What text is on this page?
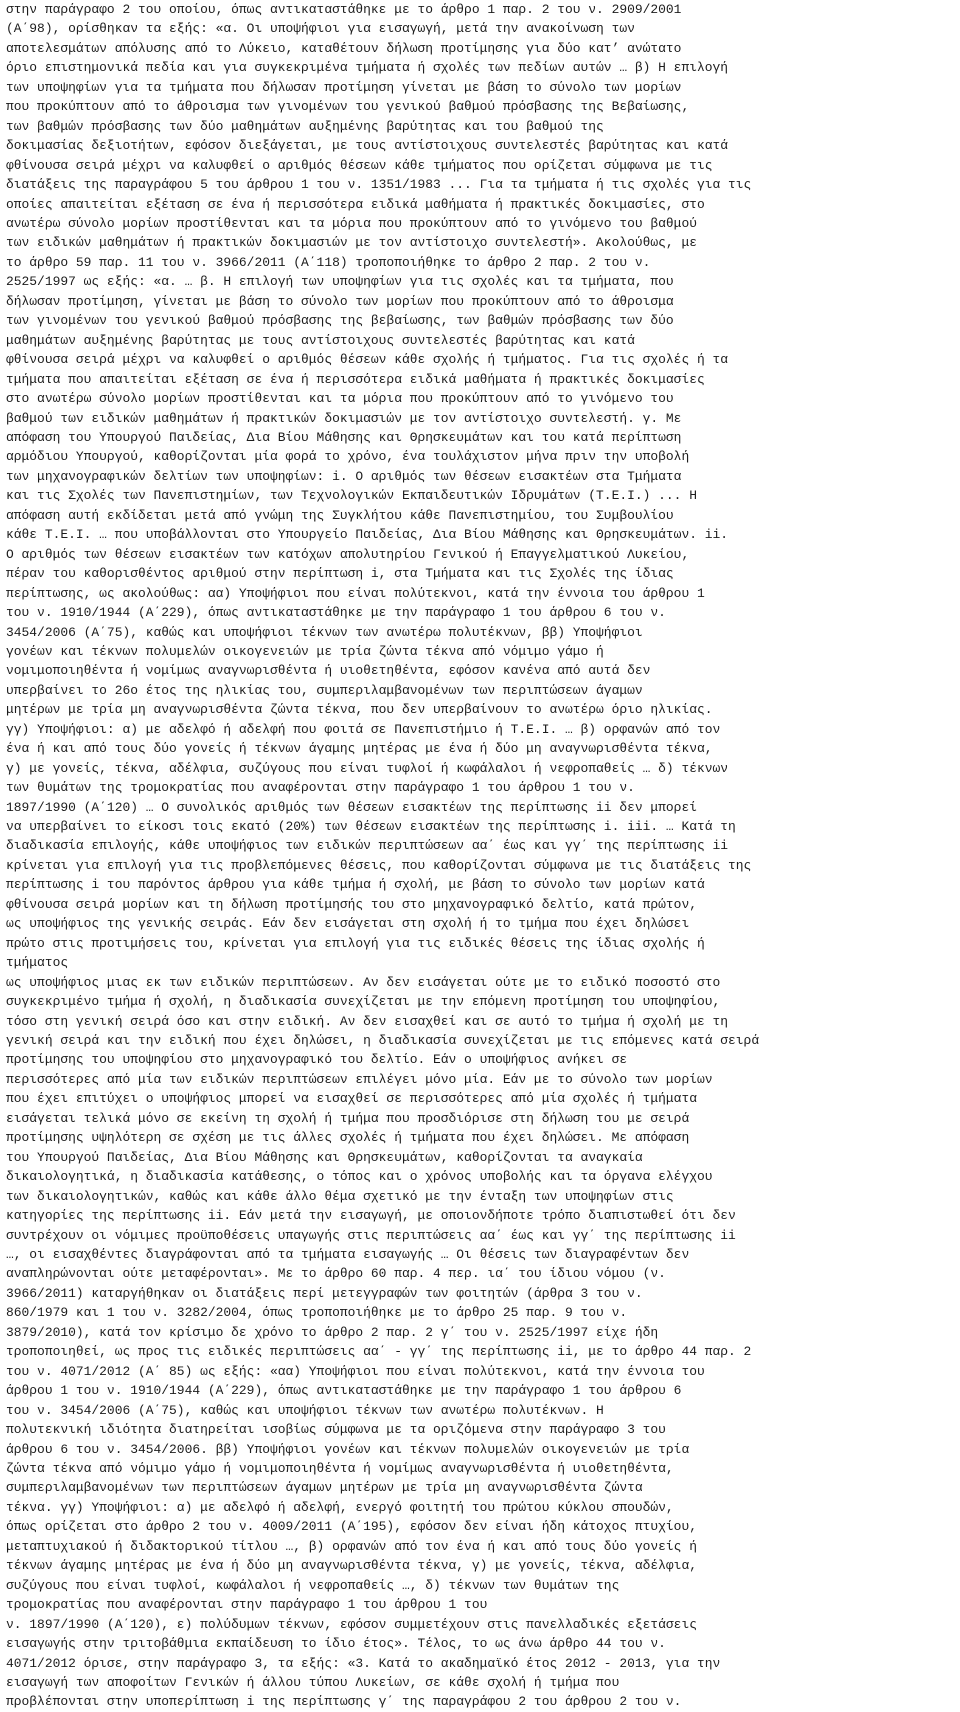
στην παράγραφο 2 του οποίου, όπως αντικαταστάθηκε με το άρθρο 1 παρ. 2 του ν. 2909/2001
(Α΄98), ορίσθηκαν τα εξής: «α. Οι υποψήφιοι για εισαγωγή, μετά την ανακοίνωση των
αποτελεσμάτων απόλυσης από το Λύκειο, καταθέτουν δήλωση προτίμησης για δύο κατ’ ανώτατο
όριο επιστημονικά πεδία και για συγκεκριμένα τμήματα ή σχολές των πεδίων αυτών … β) Η επιλογή
των υποψηφίων για τα τμήματα που δήλωσαν προτίμηση γίνεται με βάση το σύνολο των μορίων
που προκύπτουν από το άθροισμα των γινομένων του γενικού βαθμού πρόσβασης της Βεβαίωσης,
των βαθμών πρόσβασης των δύο μαθημάτων αυξημένης βαρύτητας και του βαθμού της
δοκιμασίας δεξιοτήτων, εφόσον διεξάγεται, με τους αντίστοιχους συντελεστές βαρύτητας και κατά
φθίνουσα σειρά μέχρι να καλυφθεί ο αριθμός θέσεων κάθε τμήματος που ορίζεται σύμφωνα με τις
διατάξεις της παραγράφου 5 του άρθρου 1 του ν. 1351/1983 ... Για τα τμήματα ή τις σχολές για τις
οποίες απαιτείται εξέταση σε ένα ή περισσότερα ειδικά μαθήματα ή πρακτικές δοκιμασίες, στο
ανωτέρω σύνολο μορίων προστίθενται και τα μόρια που προκύπτουν από το γινόμενο του βαθμού
των ειδικών μαθημάτων ή πρακτικών δοκιμασιών με τον αντίστοιχο συντελεστή». Ακολούθως, με
το άρθρο 59 παρ. 11 του ν. 3966/2011 (Α΄118) τροποποιήθηκε το άρθρο 2 παρ. 2 του ν.
2525/1997 ως εξής: «α. … β. Η επιλογή των υποψηφίων για τις σχολές και τα τμήματα, που
δήλωσαν προτίμηση, γίνεται με βάση το σύνολο των μορίων που προκύπτουν από το άθροισμα
των γινομένων του γενικού βαθμού πρόσβασης της βεβαίωσης, των βαθμών πρόσβασης των δύο
μαθημάτων αυξημένης βαρύτητας με τους αντίστοιχους συντελεστές βαρύτητας και κατά
φθίνουσα σειρά μέχρι να καλυφθεί ο αριθμός θέσεων κάθε σχολής ή τμήματος. Για τις σχολές ή τα
τμήματα που απαιτείται εξέταση σε ένα ή περισσότερα ειδικά μαθήματα ή πρακτικές δοκιμασίες
στο ανωτέρω σύνολο μορίων προστίθενται και τα μόρια που προκύπτουν από το γινόμενο του
βαθμού των ειδικών μαθημάτων ή πρακτικών δοκιμασιών με τον αντίστοιχο συντελεστή. γ. Με
απόφαση του Υπουργού Παιδείας, Δια Βίου Μάθησης και Θρησκευμάτων και του κατά περίπτωση
αρμόδιου Υπουργού, καθορίζονται μία φορά το χρόνο, ένα τουλάχιστον μήνα πριν την υποβολή
των μηχανογραφικών δελτίων των υποψηφίων: i. Ο αριθμός των θέσεων εισακτέων στα Τμήματα
και τις Σχολές των Πανεπιστημίων, των Τεχνολογικών Εκπαιδευτικών Ιδρυμάτων (Τ.Ε.Ι.) ... Η
απόφαση αυτή εκδίδεται μετά από γνώμη της Συγκλήτου κάθε Πανεπιστημίου, του Συμβουλίου
κάθε Τ.Ε.Ι. … που υποβάλλονται στο Υπουργείο Παιδείας, Δια Βίου Μάθησης και Θρησκευμάτων. ii.
Ο αριθμός των θέσεων εισακτέων των κατόχων απολυτηρίου Γενικού ή Επαγγελματικού Λυκείου,
πέραν του καθορισθέντος αριθμού στην περίπτωση i, στα Τμήματα και τις Σχολές της ίδιας
περίπτωσης, ως ακολούθως: αα) Υποψήφιοι που είναι πολύτεκνοι, κατά την έννοια του άρθρου 1
του ν. 1910/1944 (Α΄229), όπως αντικαταστάθηκε με την παράγραφο 1 του άρθρου 6 του ν.
3454/2006 (Α΄75), καθώς και υποψήφιοι τέκνων των ανωτέρω πολυτέκνων, ββ) Υποψήφιοι
γονέων και τέκνων πολυμελών οικογενειών με τρία ζώντα τέκνα από νόμιμο γάμο ή
νομιμοποιηθέντα ή νομίμως αναγνωρισθέντα ή υιοθετηθέντα, εφόσον κανένα από αυτά δεν
υπερβαίνει το 26ο έτος της ηλικίας του, συμπεριλαμβανομένων των περιπτώσεων άγαμων
μητέρων με τρία μη αναγνωρισθέντα ζώντα τέκνα, που δεν υπερβαίνουν το ανωτέρω όριο ηλικίας.
γγ) Υποψήφιοι: α) με αδελφό ή αδελφή που φοιτά σε Πανεπιστήμιο ή Τ.Ε.Ι. … β) ορφανών από τον
ένα ή και από τους δύο γονείς ή τέκνων άγαμης μητέρας με ένα ή δύο μη αναγνωρισθέντα τέκνα,
γ) με γονείς, τέκνα, αδέλφια, συζύγους που είναι τυφλοί ή κωφάλαλοι ή νεφροπαθείς … δ) τέκνων
των θυμάτων της τρομοκρατίας που αναφέρονται στην παράγραφο 1 του άρθρου 1 του ν.
1897/1990 (Α΄120) … Ο συνολικός αριθμός των θέσεων εισακτέων της περίπτωσης ii δεν μπορεί
να υπερβαίνει το είκοσι τοις εκατό (20%) των θέσεων εισακτέων της περίπτωσης i. iii. … Κατά τη
διαδικασία επιλογής, κάθε υποψήφιος των ειδικών περιπτώσεων αα΄ έως και γγ΄ της περίπτωσης ii
κρίνεται για επιλογή για τις προβλεπόμενες θέσεις, που καθορίζονται σύμφωνα με τις διατάξεις της
περίπτωσης i του παρόντος άρθρου για κάθε τμήμα ή σχολή, με βάση το σύνολο των μορίων κατά
φθίνουσα σειρά μορίων και τη δήλωση προτίμησής του στο μηχανογραφικό δελτίο, κατά πρώτον,
ως υποψήφιος της γενικής σειράς. Εάν δεν εισάγεται στη σχολή ή το τμήμα που έχει δηλώσει
πρώτο στις προτιμήσεις του, κρίνεται για επιλογή για τις ειδικές θέσεις της ίδιας σχολής ή
τμήματος
ως υποψήφιος μιας εκ των ειδικών περιπτώσεων. Αν δεν εισάγεται ούτε με το ειδικό ποσοστό στο
συγκεκριμένο τμήμα ή σχολή, η διαδικασία συνεχίζεται με την επόμενη προτίμηση του υποψηφίου,
τόσο στη γενική σειρά όσο και στην ειδική. Αν δεν εισαχθεί και σε αυτό το τμήμα ή σχολή με τη
γενική σειρά και την ειδική που έχει δηλώσει, η διαδικασία συνεχίζεται με τις επόμενες κατά σειρά
προτίμησης του υποψηφίου στο μηχανογραφικό του δελτίο. Εάν ο υποψήφιος ανήκει σε
περισσότερες από μία των ειδικών περιπτώσεων επιλέγει μόνο μία. Εάν με το σύνολο των μορίων
που έχει επιτύχει ο υποψήφιος μπορεί να εισαχθεί σε περισσότερες από μία σχολές ή τμήματα
εισάγεται τελικά μόνο σε εκείνη τη σχολή ή τμήμα που προσδιόρισε στη δήλωση του με σειρά
προτίμησης υψηλότερη σε σχέση με τις άλλες σχολές ή τμήματα που έχει δηλώσει. Με απόφαση
του Υπουργού Παιδείας, Δια Βίου Μάθησης και Θρησκευμάτων, καθορίζονται τα αναγκαία
δικαιολογητικά, η διαδικασία κατάθεσης, ο τόπος και ο χρόνος υποβολής και τα όργανα ελέγχου
των δικαιολογητικών, καθώς και κάθε άλλο θέμα σχετικό με την ένταξη των υποψηφίων στις
κατηγορίες της περίπτωσης ii. Εάν μετά την εισαγωγή, με οποιονδήποτε τρόπο διαπιστωθεί ότι δεν
συντρέχουν οι νόμιμες προϋποθέσεις υπαγωγής στις περιπτώσεις αα΄ έως και γγ΄ της περίπτωσης ii
…, οι εισαχθέντες διαγράφονται από τα τμήματα εισαγωγής … Οι θέσεις των διαγραφέντων δεν
αναπληρώνονται ούτε μεταφέρονται». Με το άρθρο 60 παρ. 4 περ. ια΄ του ίδιου νόμου (ν.
3966/2011) καταργήθηκαν οι διατάξεις περί μετεγγραφών των φοιτητών (άρθρα 3 του ν.
860/1979 και 1 του ν. 3282/2004, όπως τροποποιήθηκε με το άρθρο 25 παρ. 9 του ν.
3879/2010), κατά τον κρίσιμο δε χρόνο το άρθρο 2 παρ. 2 γ΄ του ν. 2525/1997 είχε ήδη
τροποποιηθεί, ως προς τις ειδικές περιπτώσεις αα΄ - γγ΄ της περίπτωσης ii, με το άρθρο 44 παρ. 2
του ν. 4071/2012 (Α΄ 85) ως εξής: «αα) Υποψήφιοι που είναι πολύτεκνοι, κατά την έννοια του
άρθρου 1 του ν. 1910/1944 (Α΄229), όπως αντικαταστάθηκε με την παράγραφο 1 του άρθρου 6
του ν. 3454/2006 (Α΄75), καθώς και υποψήφιοι τέκνων των ανωτέρω πολυτέκνων. Η
πολυτεκνική ιδιότητα διατηρείται ισοβίως σύμφωνα με τα οριζόμενα στην παράγραφο 3 του
άρθρου 6 του ν. 3454/2006. ββ) Υποψήφιοι γονέων και τέκνων πολυμελών οικογενειών με τρία
ζώντα τέκνα από νόμιμο γάμο ή νομιμοποιηθέντα ή νομίμως αναγνωρισθέντα ή υιοθετηθέντα,
συμπεριλαμβανομένων των περιπτώσεων άγαμων μητέρων με τρία μη αναγνωρισθέντα ζώντα
τέκνα. γγ) Υποψήφιοι: α) με αδελφό ή αδελφή, ενεργό φοιτητή του πρώτου κύκλου σπουδών,
όπως ορίζεται στο άρθρο 2 του ν. 4009/2011 (Α΄195), εφόσον δεν είναι ήδη κάτοχος πτυχίου,
μεταπτυχιακού ή διδακτορικού τίτλου …, β) ορφανών από τον ένα ή και από τους δύο γονείς ή
τέκνων άγαμης μητέρας με ένα ή δύο μη αναγνωρισθέντα τέκνα, γ) με γονείς, τέκνα, αδέλφια,
συζύγους που είναι τυφλοί, κωφάλαλοι ή νεφροπαθείς …, δ) τέκνων των θυμάτων της
τρομοκρατίας που αναφέρονται στην παράγραφο 1 του άρθρου 1 του
ν. 1897/1990 (Α΄120), ε) πολύδυμων τέκνων, εφόσον συμμετέχουν στις πανελλαδικές εξετάσεις
εισαγωγής στην τριτοβάθμια εκπαίδευση το ίδιο έτος». Τέλος, το ως άνω άρθρο 44 του ν.
4071/2012 όρισε, στην παράγραφο 3, τα εξής: «3. Κατά το ακαδημαϊκό έτος 2012 - 2013, για την
εισαγωγή των αποφοίτων Γενικών ή άλλου τύπου Λυκείων, σε κάθε σχολή ή τμήμα που
προβλέπονται στην υποπερίπτωση i της περίπτωσης γ΄ της παραγράφου 2 του άρθρου 2 του ν.
